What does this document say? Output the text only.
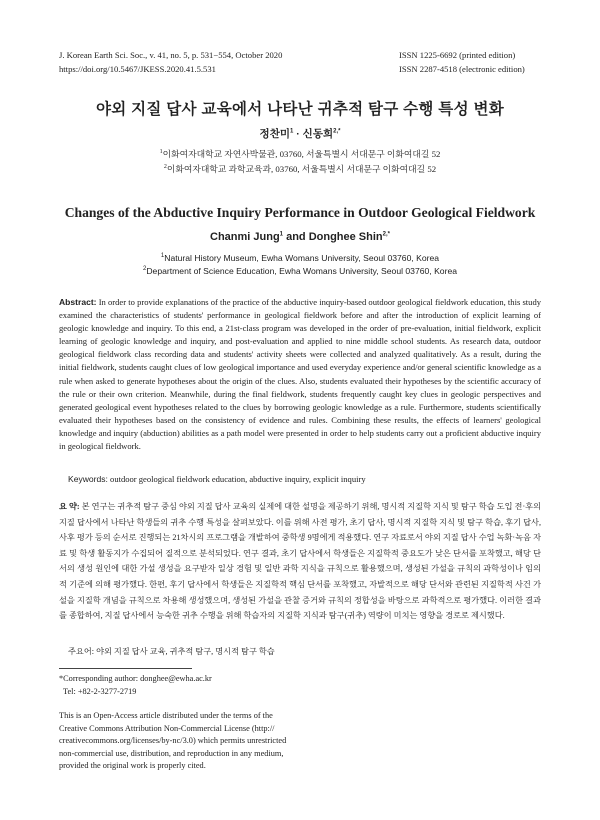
J. Korean Earth Sci. Soc., v. 41, no. 5, p. 531−554, October 2020
https://doi.org/10.5467/JKESS.2020.41.5.531
ISSN 1225-6692 (printed edition)
ISSN 2287-4518 (electronic edition)
야외 지질 답사 교육에서 나타난 귀추적 탐구 수행 특성 변화
정찬미$^1$ · 신동희$^{2,*}$
$^1$이화여자대학교 자연사박물관, 03760, 서울특별시 서대문구 이화여대길 52
$^2$이화여자대학교 과학교육과, 03760, 서울특별시 서대문구 이화여대길 52
Changes of the Abductive Inquiry Performance in Outdoor Geological Fieldwork
Chanmi Jung$^1$ and Donghee Shin$^{2,*}$
$^1$Natural History Museum, Ewha Womans University, Seoul 03760, Korea
$^2$Department of Science Education, Ewha Womans University, Seoul 03760, Korea
Abstract: In order to provide explanations of the practice of the abductive inquiry-based outdoor geological fieldwork education, this study examined the characteristics of students' performance in geological fieldwork before and after the introduction of explicit learning of geologic knowledge and inquiry. To this end, a 21st-class program was developed in the order of pre-evaluation, initial fieldwork, explicit learning of geologic knowledge and inquiry, and post-evaluation and applied to nine middle school students. As research data, outdoor geological fieldwork class recording data and students' activity sheets were collected and analyzed qualitatively. As a result, during the initial fieldwork, students caught clues of low geological importance and used everyday experience and/or general scientific knowledge as a rule when asked to generate hypotheses about the origin of the clues. Also, students evaluated their hypotheses by the scientific accuracy of the rule or their own criterion. Meanwhile, during the final fieldwork, students frequently caught key clues in geologic perspectives and generated geological event hypotheses related to the clues by borrowing geologic knowledge as a rule. Furthermore, students scientifically evaluated their hypotheses based on the consistency of evidence and rules. Combining these results, the effects of learners' geological knowledge and inquiry (abduction) abilities as a path model were presented in order to help students carry out a proficient abductive inquiry in geological fieldwork.
Keywords: outdoor geological fieldwork education, abductive inquiry, explicit inquiry
요 약: 본 연구는 귀추적 탐구 중심 야외 지질 답사 교육의 실제에 대한 설명을 제공하기 위해, 명시적 지질학 지식 및 탐구 학습 도입 전·후의 지질 답사에서 나타난 학생들의 귀추 수행 특성을 살펴보았다. 이를 위해 사전 평가, 초기 답사, 명시적 지질학 지식 및 탐구 학습, 후기 답사, 사후 평가 등의 순서로 진행되는 21차시의 프로그램을 개발하여 중학생 9명에게 적용했다. 연구 자료로서 야외 지질 답사 수업 녹화·녹음 자료 및 학생 활동지가 수집되어 질적으로 분석되었다. 연구 결과, 초기 답사에서 학생들은 지질학적 중요도가 낮은 단서를 포착했고, 해당 단서의 생성 원인에 대한 가설 생성을 요구받자 일상 경험 및 일반 과학 지식을 규칙으로 활용했으며, 생성된 가설을 규칙의 과학성이나 임의적 기준에 의해 평가했다. 한편, 후기 답사에서 학생들은 지질학적 핵심 단서를 포착했고, 자발적으로 해당 단서와 관련된 지질학적 사건 가설을 지질학 개념을 규칙으로 차용해 생성했으며, 생성된 가설을 관찰 증거와 규칙의 정합성을 바탕으로 과학적으로 평가했다. 이러한 결과를 종합하여, 지질 답사에서 능숙한 귀추 수행을 위해 학습자의 지질학 지식과 탐구(귀추) 역량이 미치는 영향을 경로로 제시했다.
주요어: 야외 지질 답사 교육, 귀추적 탐구, 명시적 탐구 학습
*Corresponding author: donghee@ewha.ac.kr
Tel: +82-2-3277-2719
This is an Open-Access article distributed under the terms of the
Creative Commons Attribution Non-Commercial License (http://
creativecommons.org/licenses/by-nc/3.0) which permits unrestricted
non-commercial use, distribution, and reproduction in any medium,
provided the original work is properly cited.
